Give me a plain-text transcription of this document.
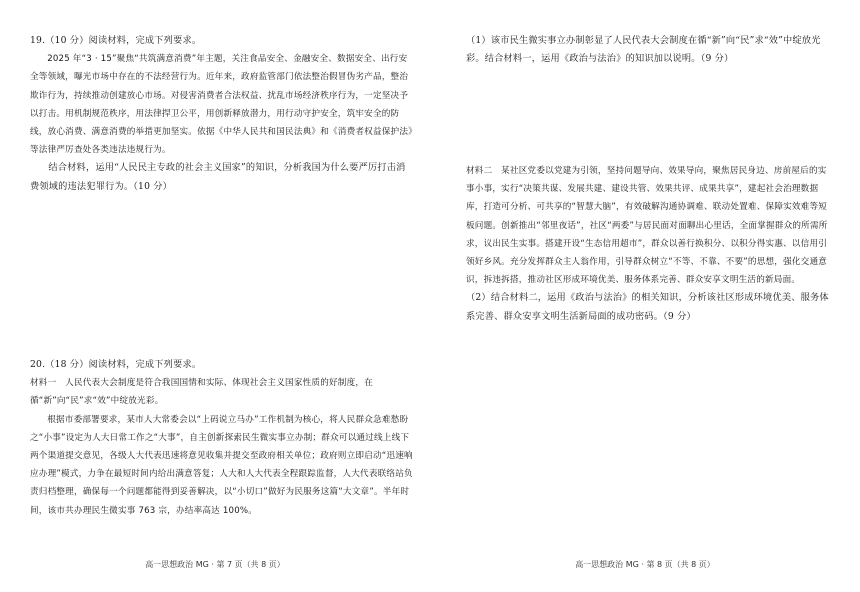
19.（10 分）阅读材料，完成下列要求。

2025 年“3 · 15”聚焦“共筑满意消费”年主题，关注食品安全、金融安全、数据安全、出行安全等领域，曝光市场中存在的不法经营行为。近年来，政府监管部门依法整治假冒伪劣产品，整治欺诈行为，持续推动创建放心市场。对侵害消费者合法权益、扰乱市场经济秩序行为，一定坚决予以打击。用机制规范秩序，用法律捍卫公平，用创新释放潜力，用行动守护安全，筑牢安全的防线，放心消费、满意消费的举措更加坚实。依据《中华人民共和国民法典》和《消费者权益保护法》等法律严厉查处各类违法违规行为。

结合材料，运用“人民民主专政的社会主义国家”的知识，分析我国为什么要严厉打击消费领域的违法犯罪行为。（10 分）

20.（18 分）阅读材料，完成下列要求。

材料一　人民代表大会制度是符合我国国情和实际、体现社会主义国家性质的好制度，在循“新”向“民”求“效”中绽放光彩。

根据市委部署要求，某市人大常委会以“上码说立马办”工作机制为核心，将人民群众急难愁盼之“小事”设定为人大日常工作之“大事”，自主创新探索民生微实事立办制；群众可以通过线上线下两个渠道提交意见，各级人大代表迅速将意见收集并提交至政府相关单位；政府则立即启动“迅速响应办理”模式，力争在最短时间内给出满意答复；人大和人大代表全程跟踪监督，人大代表联络站负责归档整理，确保每一个问题都能得到妥善解决，以“小切口”做好为民服务这篇“大文章”。半年时间，该市共办理民生微实事 763 宗，办结率高达 100%。

高一思想政治 MG · 第 7 页（共 8 页）
（1）该市民生微实事立办制彰显了人民代表大会制度在循“新”向“民”求“效”中绽放光彩。结合材料一，运用《政治与法治》的知识加以说明。（9 分）

材料二　某社区党委以党建为引领，坚持问题导向、效果导向，聚焦居民身边、房前屋后的实事小事，实行“决策共谋、发展共建、建设共管、效果共评、成果共享”，建起社会治理数据库，打造可分析、可共享的“智慧大脑”，有效破解沟通协调难、联动处置难、保障实效难等短板问题。创新推出“邻里夜话”，社区“两委”与居民面对面聊出心里话，全面掌握群众的所需所求，议出民生实事。搭建开设“生态信用超市”，群众以善行换积分、以积分得实惠、以信用引领好乡风。充分发挥群众主人翁作用，引导群众树立“不等、不靠、不要”的思想，强化交通意识，拆违拆搭，推动社区形成环境优美、服务体系完善、群众安享文明生活的新局面。

（2）结合材料二，运用《政治与法治》的相关知识，分析该社区形成环境优美、服务体系完善、群众安享文明生活新局面的成功密码。（9 分）

高一思想政治 MG · 第 8 页（共 8 页）
